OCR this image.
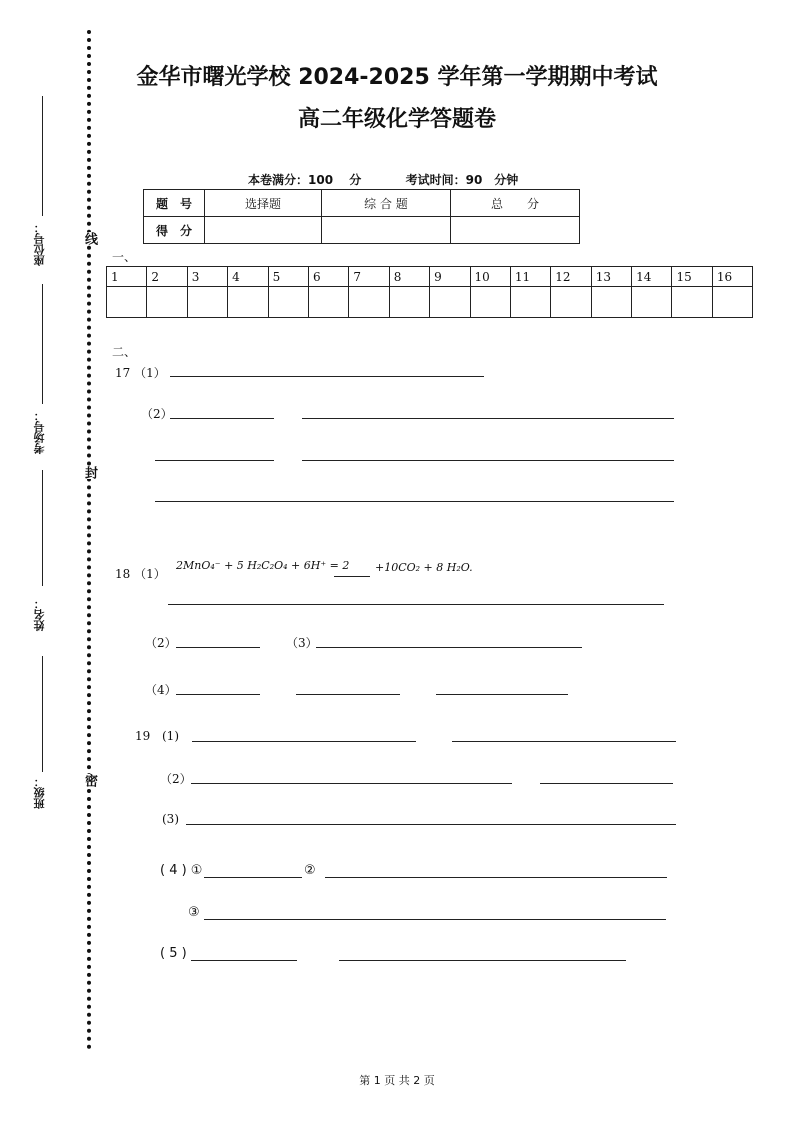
线
封
密
座位号：
考场号：
姓名：
班级：
金华市曙光学校 2024-2025 学年第一学期期中考试
高二年级化学答题卷
本卷满分：100　 分	考试时间：90　分钟
题　号	选择题	综 合 题	总　　分
得　分			
一、
1	2	3	4	5	6	7	8	9	10	11	12	13	14	15	16

二、
17 （1）
（2）
18 （1）
2MnO₄⁻ + 5 H₂C₂O₄ + 6H⁺ = 2 +10CO₂ + 8 H₂O.
（2）	（3）
（4）
19 (1)
（2）
(3)
( 4 ) ①	②
③
( 5 )
第 1 页 共 2 页
